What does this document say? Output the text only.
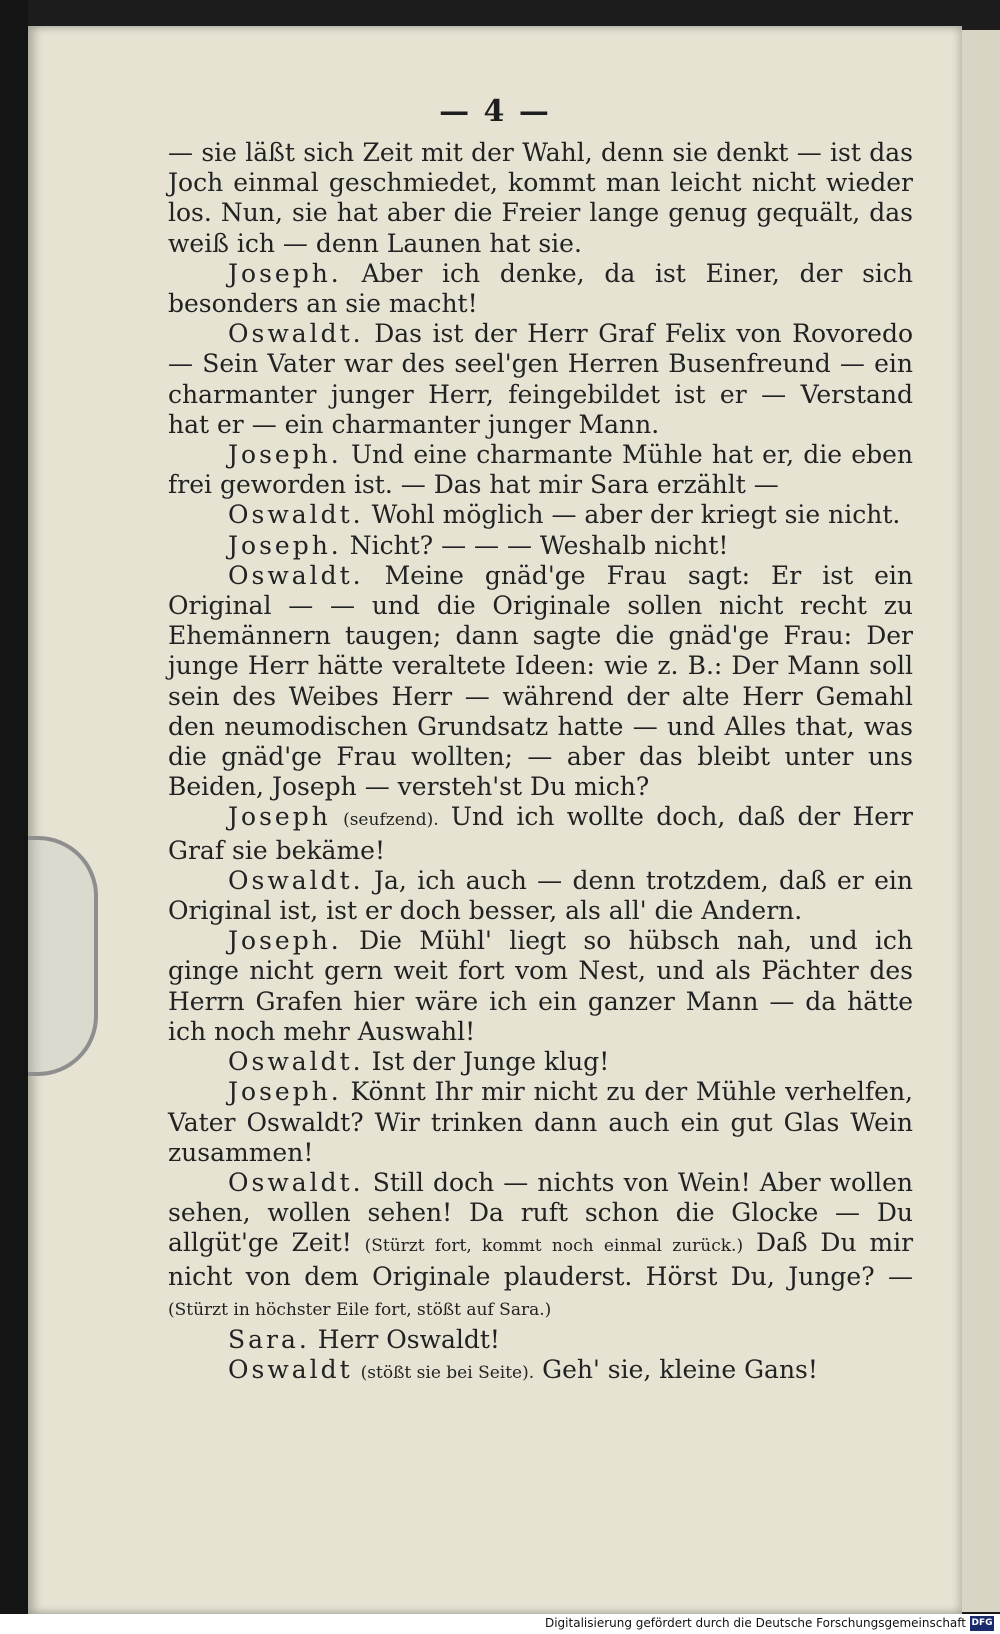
— 4 —

— sie läßt sich Zeit mit der Wahl, denn sie denkt — ist das Joch einmal geschmiedet, kommt man leicht nicht wieder los. Nun, sie hat aber die Freier lange genug gequält, das weiß ich — denn Launen hat sie.

Joseph. Aber ich denke, da ist Einer, der sich besonders an sie macht!

Oswaldt. Das ist der Herr Graf Felix von Rovoredo — Sein Vater war des seel'gen Herren Busenfreund — ein charmanter junger Herr, feingebildet ist er — Verstand hat er — ein charmanter junger Mann.

Joseph. Und eine charmante Mühle hat er, die eben frei geworden ist. — Das hat mir Sara erzählt —

Oswaldt. Wohl möglich — aber der kriegt sie nicht.

Joseph. Nicht? — — — Weshalb nicht!

Oswaldt. Meine gnäd'ge Frau sagt: Er ist ein Original — — und die Originale sollen nicht recht zu Ehemännern taugen; dann sagte die gnäd'ge Frau: Der junge Herr hätte veraltete Ideen: wie z. B.: Der Mann soll sein des Weibes Herr — während der alte Herr Gemahl den neumodischen Grundsatz hatte — und Alles that, was die gnäd'ge Frau wollten; — aber das bleibt unter uns Beiden, Joseph — versteh'st Du mich?

Joseph (seufzend). Und ich wollte doch, daß der Herr Graf sie bekäme!

Oswaldt. Ja, ich auch — denn trotzdem, daß er ein Original ist, ist er doch besser, als all' die Andern.

Joseph. Die Mühl' liegt so hübsch nah, und ich ginge nicht gern weit fort vom Nest, und als Pächter des Herrn Grafen hier wäre ich ein ganzer Mann — da hätte ich noch mehr Auswahl!

Oswaldt. Ist der Junge klug!

Joseph. Könnt Ihr mir nicht zu der Mühle verhelfen, Vater Oswaldt? Wir trinken dann auch ein gut Glas Wein zusammen!

Oswaldt. Still doch — nichts von Wein! Aber wollen sehen, wollen sehen! Da ruft schon die Glocke — Du allgüt'ge Zeit! (Stürzt fort, kommt noch einmal zurück.) Daß Du mir nicht von dem Originale plauderst. Hörst Du, Junge? — (Stürzt in höchster Eile fort, stößt auf Sara.)

Sara. Herr Oswaldt!

Oswaldt (stößt sie bei Seite). Geh' sie, kleine Gans!

Digitalisierung gefördert durch die Deutsche Forschungsgemeinschaft DFG
